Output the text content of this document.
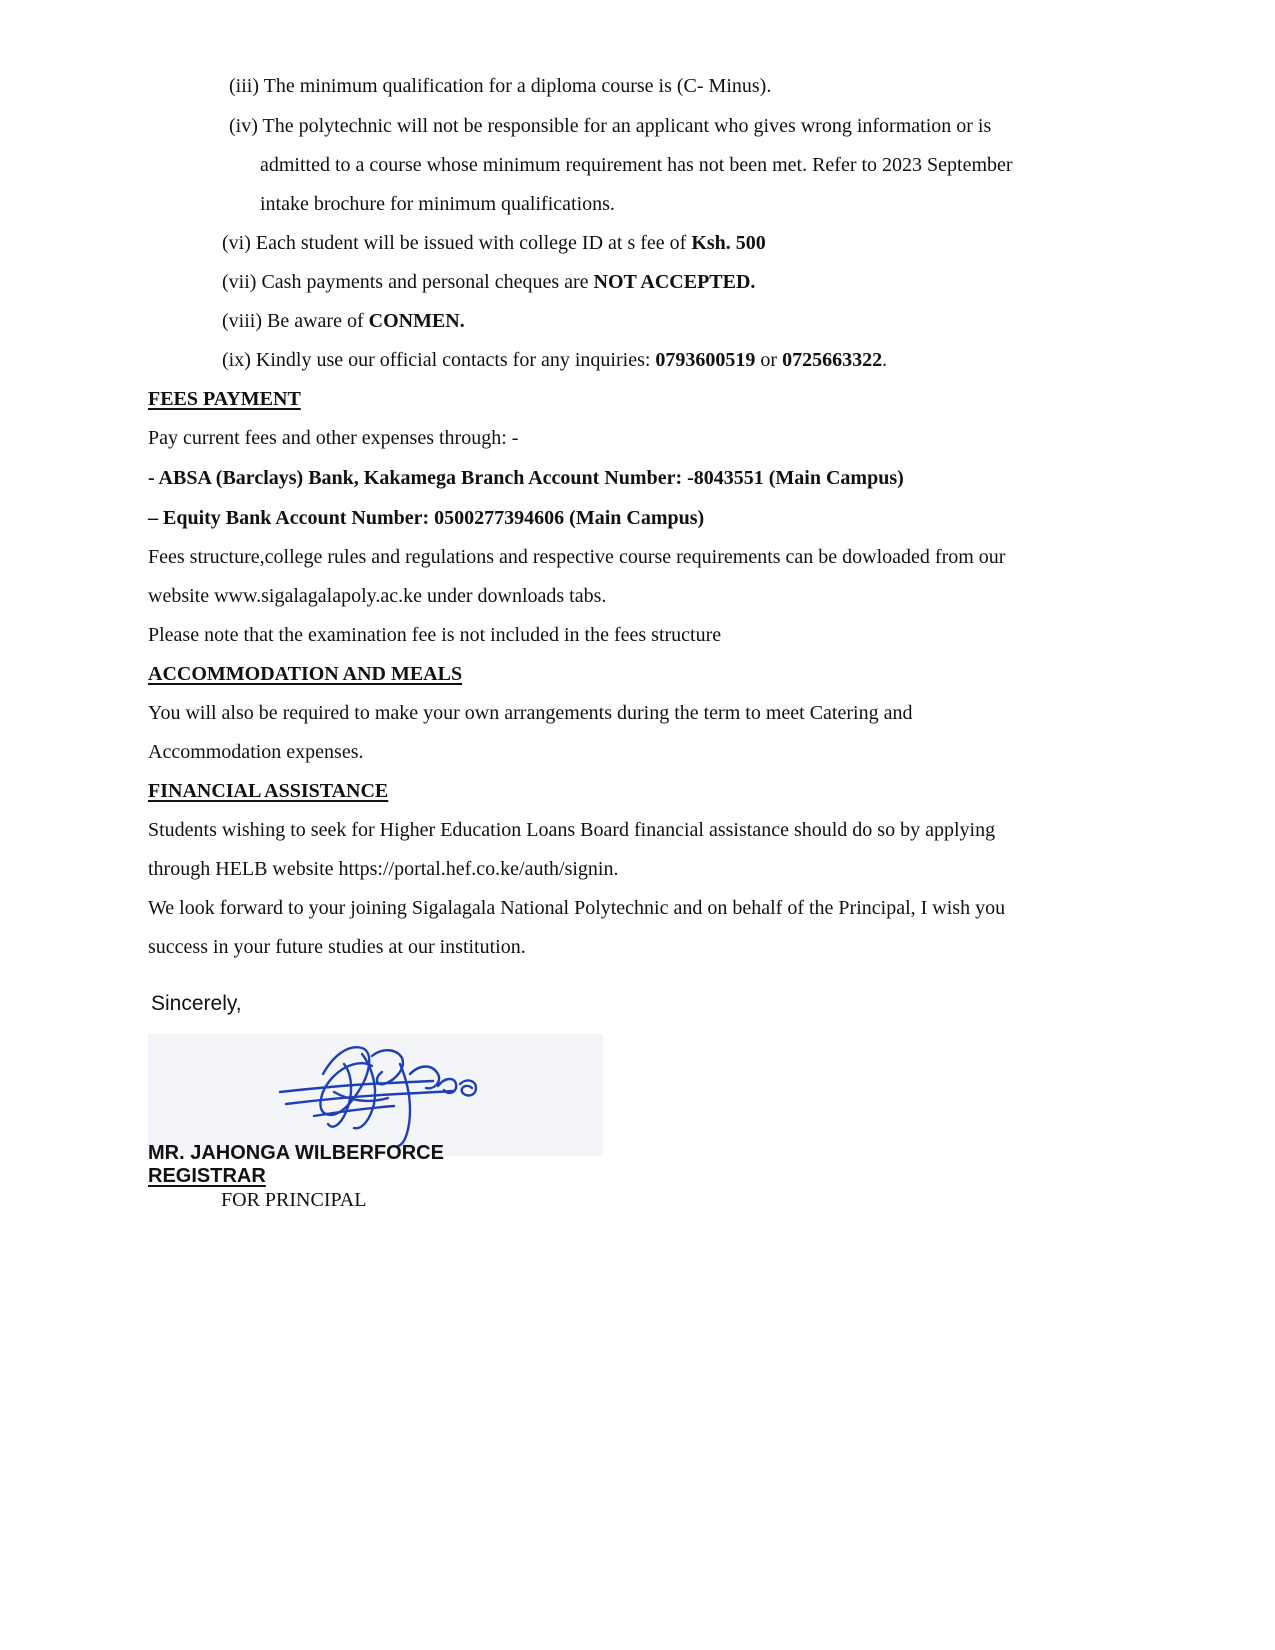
(iii) The minimum qualification for a diploma course is (C- Minus).
(iv) The polytechnic will not be responsible for an applicant who gives wrong information or is
admitted to a course whose minimum requirement has not been met. Refer to 2023 September
intake brochure for minimum qualifications.
(vi) Each student will be issued with college ID at s fee of Ksh. 500
(vii) Cash payments and personal cheques are NOT ACCEPTED.
(viii) Be aware of CONMEN.
(ix) Kindly use our official contacts for any inquiries: 0793600519 or 0725663322.
FEES PAYMENT
Pay current fees and other expenses through: -
- ABSA (Barclays) Bank, Kakamega Branch Account Number: -8043551 (Main Campus)
– Equity Bank Account Number: 0500277394606 (Main Campus)
Fees structure,college rules and regulations and respective course requirements can be dowloaded from our
website www.sigalagalapoly.ac.ke under downloads tabs.
Please note that the examination fee is not included in the fees structure
ACCOMMODATION AND MEALS
You will also be required to make your own arrangements during the term to meet Catering and
Accommodation expenses.
FINANCIAL ASSISTANCE
Students wishing to seek for Higher Education Loans Board financial assistance should do so by applying
through HELB website https://portal.hef.co.ke/auth/signin.
We look forward to your joining Sigalagala National Polytechnic and on behalf of the Principal, I wish you
success in your future studies at our institution.
Sincerely,
MR. JAHONGA WILBERFORCE
REGISTRAR
FOR PRINCIPAL
